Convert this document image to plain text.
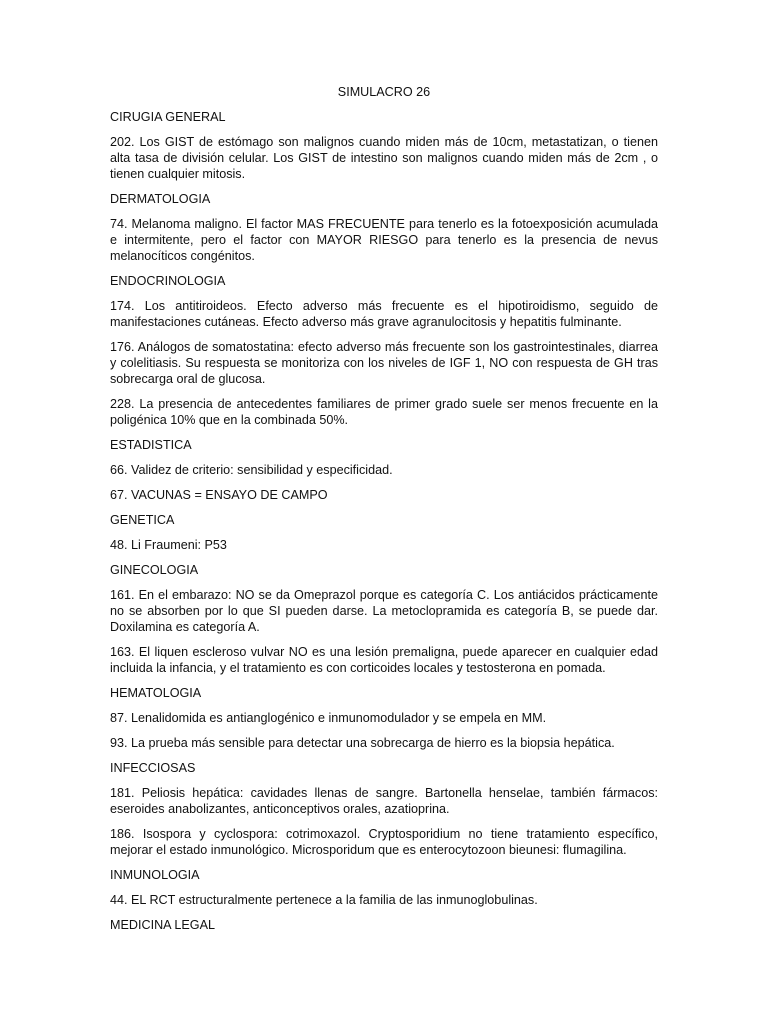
SIMULACRO 26
CIRUGIA GENERAL
202. Los GIST de estómago son malignos cuando miden más de 10cm, metastatizan, o tienen alta tasa de división celular. Los GIST de intestino son malignos cuando miden más de 2cm , o tienen cualquier mitosis.
DERMATOLOGIA
74. Melanoma maligno. El factor MAS FRECUENTE para tenerlo es la fotoexposición acumulada e intermitente, pero el factor con MAYOR RIESGO para tenerlo es la presencia de nevus melanocíticos congénitos.
ENDOCRINOLOGIA
174. Los antitiroideos. Efecto adverso más frecuente es el hipotiroidismo, seguido de manifestaciones cutáneas. Efecto adverso más grave agranulocitosis y hepatitis fulminante.
176. Análogos de somatostatina: efecto adverso más frecuente son los gastrointestinales, diarrea y colelitiasis. Su respuesta se monitoriza con los niveles de IGF 1, NO con respuesta de GH tras sobrecarga oral de glucosa.
228. La presencia de antecedentes familiares de primer grado suele ser menos frecuente en la poligénica 10% que en la combinada 50%.
ESTADISTICA
66. Validez de criterio: sensibilidad y especificidad.
67. VACUNAS = ENSAYO DE CAMPO
GENETICA
48. Li Fraumeni: P53
GINECOLOGIA
161. En el embarazo: NO se da Omeprazol porque es categoría C. Los antiácidos prácticamente no se absorben por lo que SI pueden darse. La metoclopramida es categoría B, se puede dar. Doxilamina es categoría A.
163. El liquen escleroso vulvar NO es una lesión premaligna, puede aparecer en cualquier edad incluida la infancia, y el tratamiento es con corticoides locales y testosterona en pomada.
HEMATOLOGIA
87. Lenalidomida es antianglogénico e inmunomodulador y se empela en MM.
93. La prueba más sensible para detectar una sobrecarga de hierro es la biopsia hepática.
INFECCIOSAS
181. Peliosis hepática: cavidades llenas de sangre. Bartonella henselae, también fármacos: eseroides anabolizantes, anticonceptivos orales, azatioprina.
186. Isospora y cyclospora: cotrimoxazol. Cryptosporidium no tiene tratamiento específico, mejorar el estado inmunológico. Microsporidum que es enterocytozoon bieunesi: flumagilina.
INMUNOLOGIA
44. EL RCT estructuralmente pertenece a la familia de las inmunoglobulinas.
MEDICINA LEGAL
